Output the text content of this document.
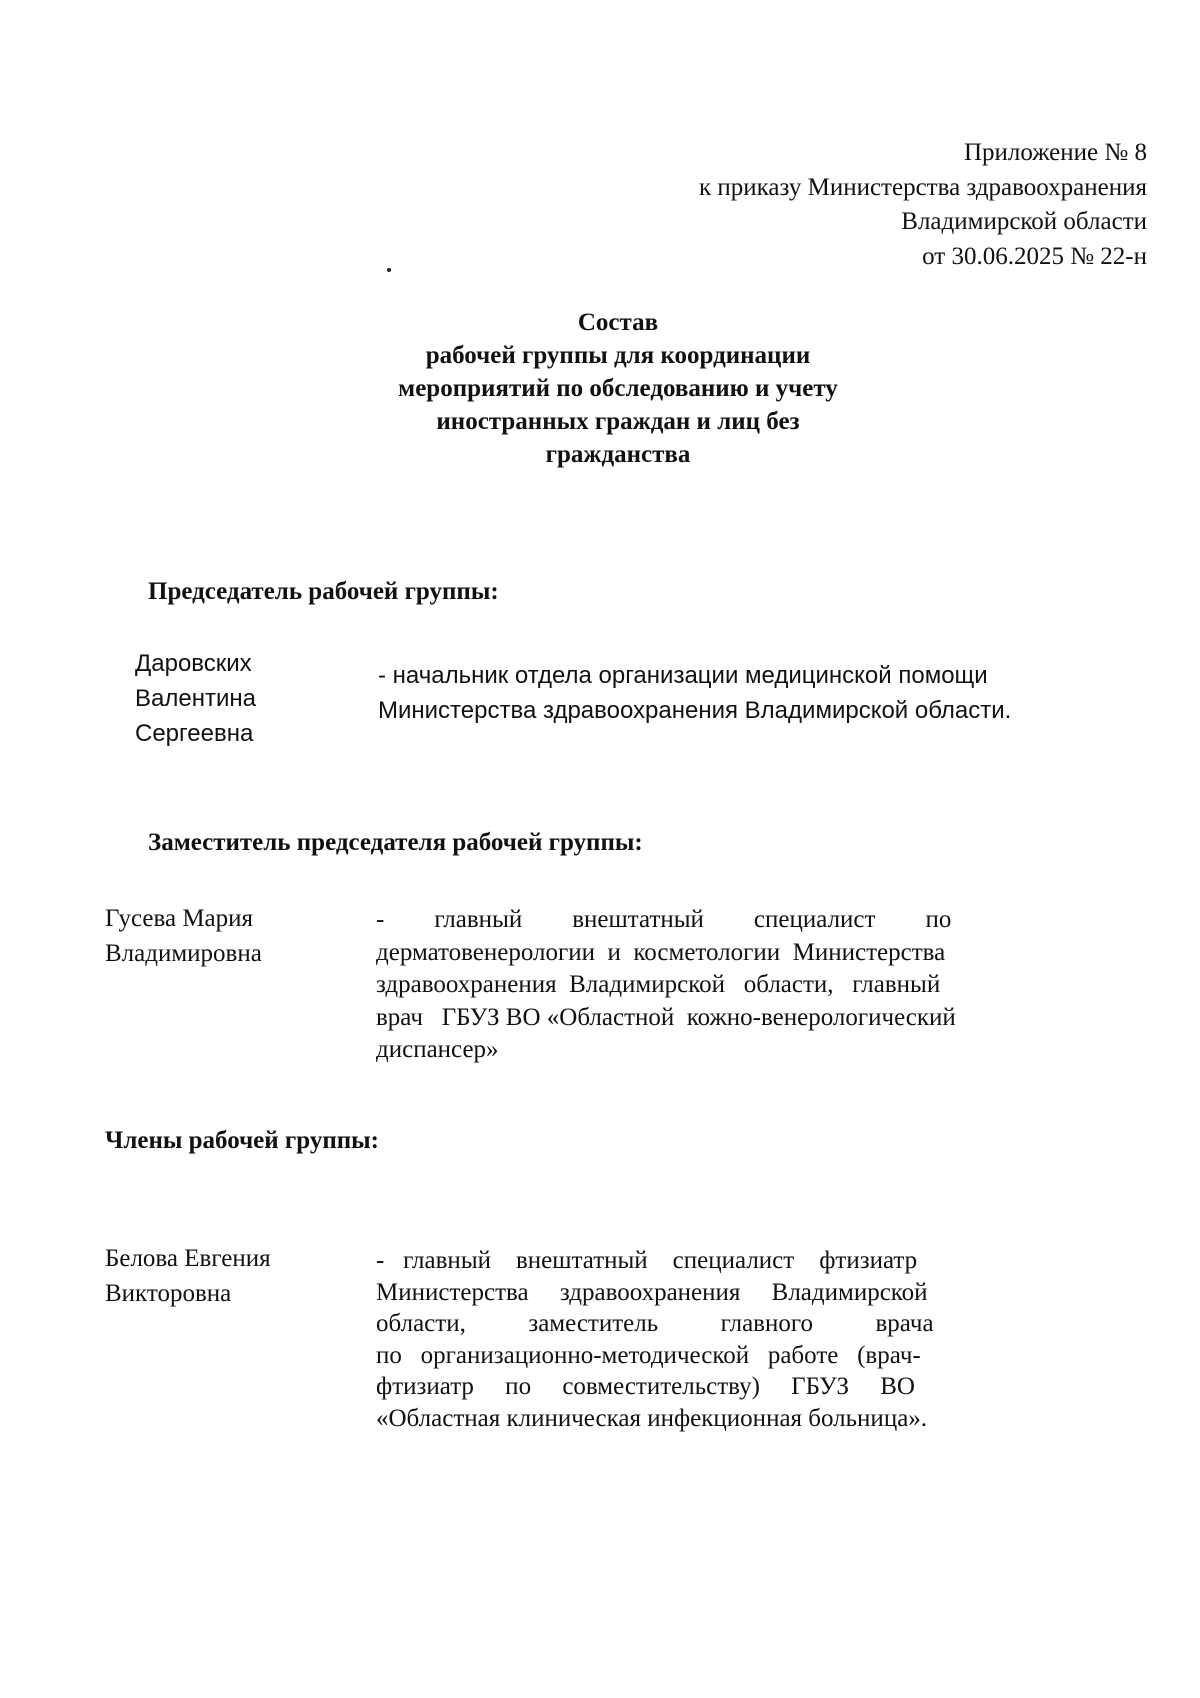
Приложение № 8
к приказу Министерства здравоохранения
Владимирской области
от 30.06.2025 № 22-н
Состав
рабочей группы для координации
мероприятий по обследованию и учету
иностранных граждан и лиц без
гражданства
Председатель рабочей группы:
Даровских
Валентина
Сергеевна
- начальник отдела организации медицинской помощи
Министерства здравоохранения Владимирской области.
Заместитель председателя рабочей группы:
Гусева Мария
Владимировна
-        главный        внештатный        специалист        по
дерматовенерологии  и  косметологии  Министерства
здравоохранения  Владимирской   области,   главный
врач   ГБУЗ ВО «Областной  кожно-венерологический
диспансер»
Члены рабочей группы:
Белова Евгения
Викторовна
-   главный    внештатный    специалист    фтизиатр
Министерства     здравоохранения     Владимирской
области,          заместитель          главного          врача
по   организационно-методической   работе   (врач-
фтизиатр     по     совместительству)     ГБУЗ     ВО
«Областная клиническая инфекционная больница».
